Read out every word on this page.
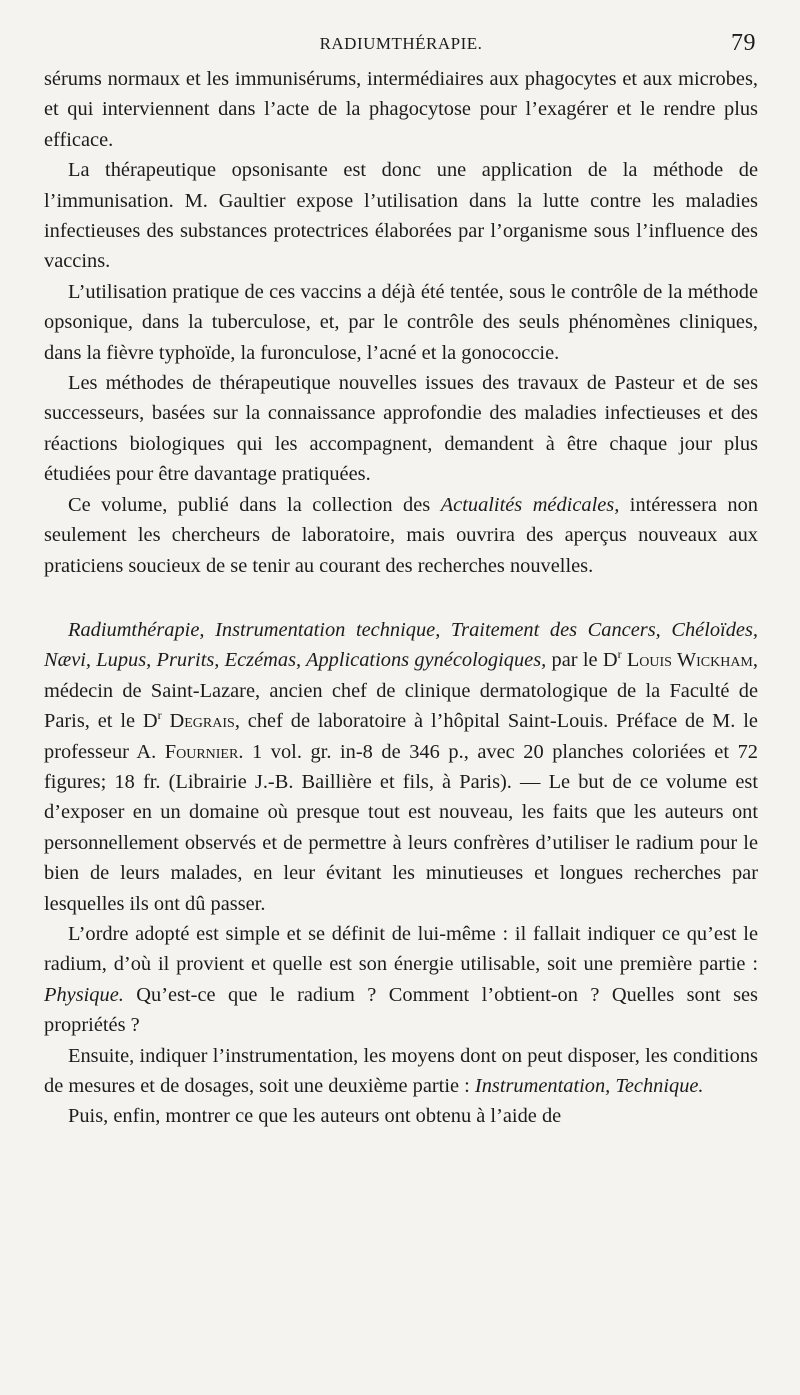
RADIUMTHÉRAPIE.	79

sérums normaux et les immunisérums, intermédiaires aux phagocytes et aux microbes, et qui interviennent dans l’acte de la phagocytose pour l’exagérer et le rendre plus efficace.

La thérapeutique opsonisante est donc une application de la méthode de l’immunisation. M. Gaultier expose l’utilisation dans la lutte contre les maladies infectieuses des substances protectrices élaborées par l’organisme sous l’influence des vaccins.

L’utilisation pratique de ces vaccins a déjà été tentée, sous le contrôle de la méthode opsonique, dans la tuberculose, et, par le contrôle des seuls phénomènes cliniques, dans la fièvre typhoïde, la furonculose, l’acné et la gonococcie.

Les méthodes de thérapeutique nouvelles issues des travaux de Pasteur et de ses successeurs, basées sur la connaissance approfondie des maladies infectieuses et des réactions biologiques qui les accompagnent, demandent à être chaque jour plus étudiées pour être davantage pratiquées.

Ce volume, publié dans la collection des Actualités médicales, intéressera non seulement les chercheurs de laboratoire, mais ouvrira des aperçus nouveaux aux praticiens soucieux de se tenir au courant des recherches nouvelles.

Radiumthérapie, Instrumentation technique, Traitement des Cancers, Chéloïdes, Nævi, Lupus, Prurits, Eczémas, Applications gynécologiques, par le $D^r$ Louis Wickham, médecin de Saint-Lazare, ancien chef de clinique dermatologique de la Faculté de Paris, et le $D^r$ Degrais, chef de laboratoire à l’hôpital Saint-Louis. Préface de M. le professeur A. Fournier. 1 vol. gr. in-8 de 346 p., avec 20 planches coloriées et 72 figures; 18 fr. (Librairie J.-B. Baillière et fils, à Paris). — Le but de ce volume est d’exposer en un domaine où presque tout est nouveau, les faits que les auteurs ont personnellement observés et de permettre à leurs confrères d’utiliser le radium pour le bien de leurs malades, en leur évitant les minutieuses et longues recherches par lesquelles ils ont dû passer.

L’ordre adopté est simple et se définit de lui-même : il fallait indiquer ce qu’est le radium, d’où il provient et quelle est son énergie utilisable, soit une première partie : Physique. Qu’est-ce que le radium ? Comment l’obtient-on ? Quelles sont ses propriétés ?

Ensuite, indiquer l’instrumentation, les moyens dont on peut disposer, les conditions de mesures et de dosages, soit une deuxième partie : Instrumentation, Technique.

Puis, enfin, montrer ce que les auteurs ont obtenu à l’aide de
